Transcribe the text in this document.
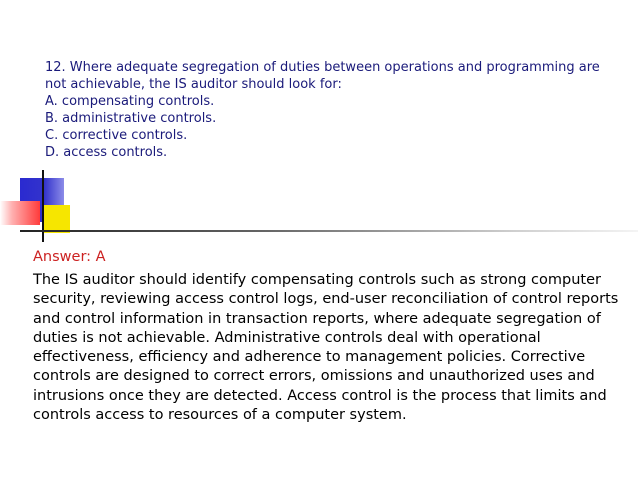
12. Where adequate segregation of duties between operations and programming are
not achievable, the IS auditor should look for:
A. compensating controls.
B. administrative controls.
C. corrective controls.
D. access controls.
Answer: A
The IS auditor should identify compensating controls such as strong computer
security, reviewing access control logs, end-user reconciliation of control reports
and control information in transaction reports, where adequate segregation of
duties is not achievable. Administrative controls deal with operational
effectiveness, efficiency and adherence to management policies. Corrective
controls are designed to correct errors, omissions and unauthorized uses and
intrusions once they are detected. Access control is the process that limits and
controls access to resources of a computer system.
